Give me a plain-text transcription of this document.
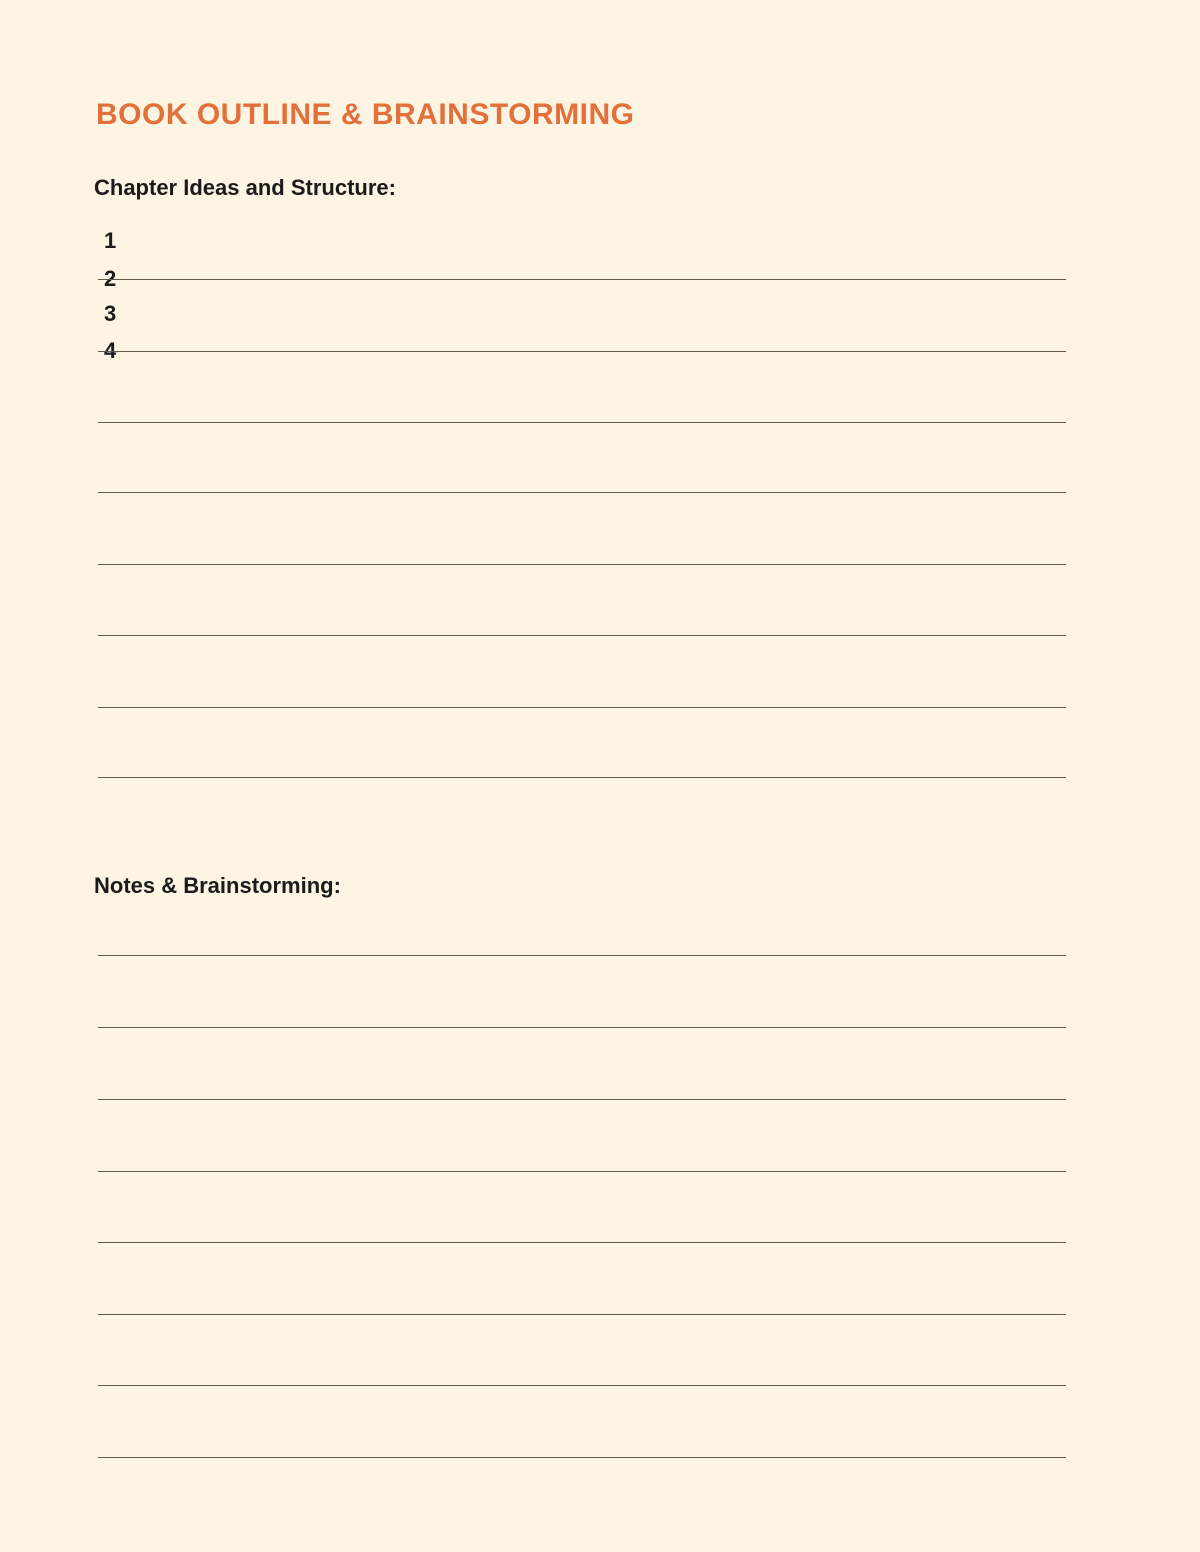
BOOK OUTLINE & BRAINSTORMING
Chapter Ideas and Structure:
1
2
3
4
Notes & Brainstorming:
